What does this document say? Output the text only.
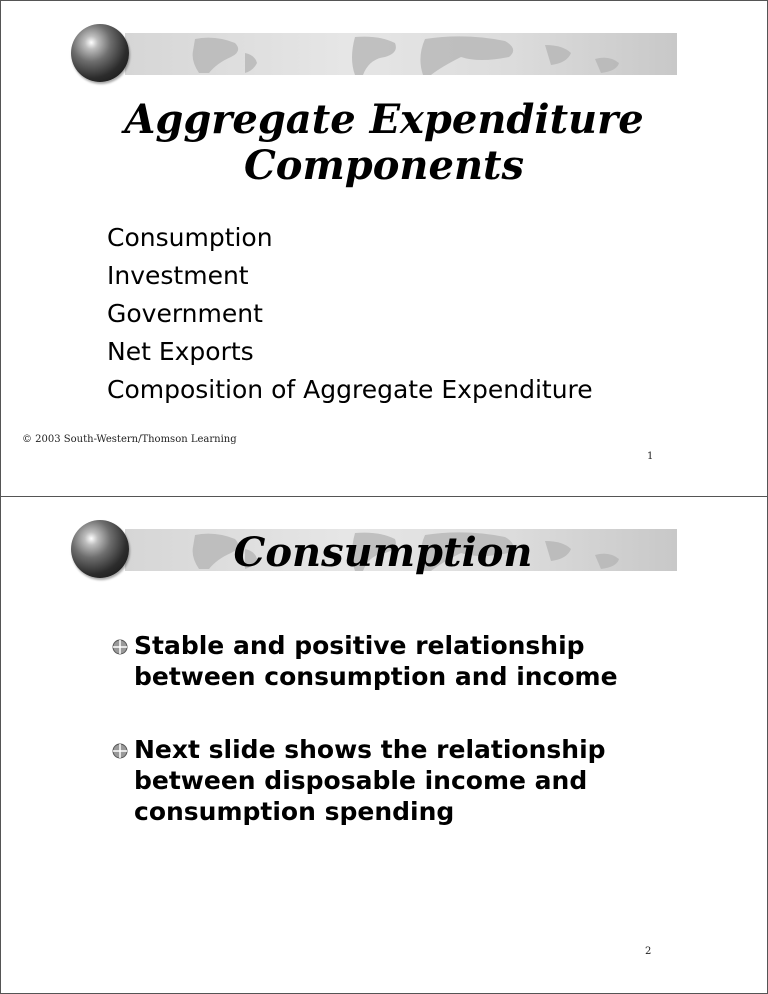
Aggregate Expenditure
Components
Consumption
Investment
Government
Net Exports
Composition of Aggregate Expenditure
© 2003 South-Western/Thomson Learning
1
Consumption
Stable and positive relationship between consumption and income
Next slide shows the relationship between disposable income and consumption spending
2
